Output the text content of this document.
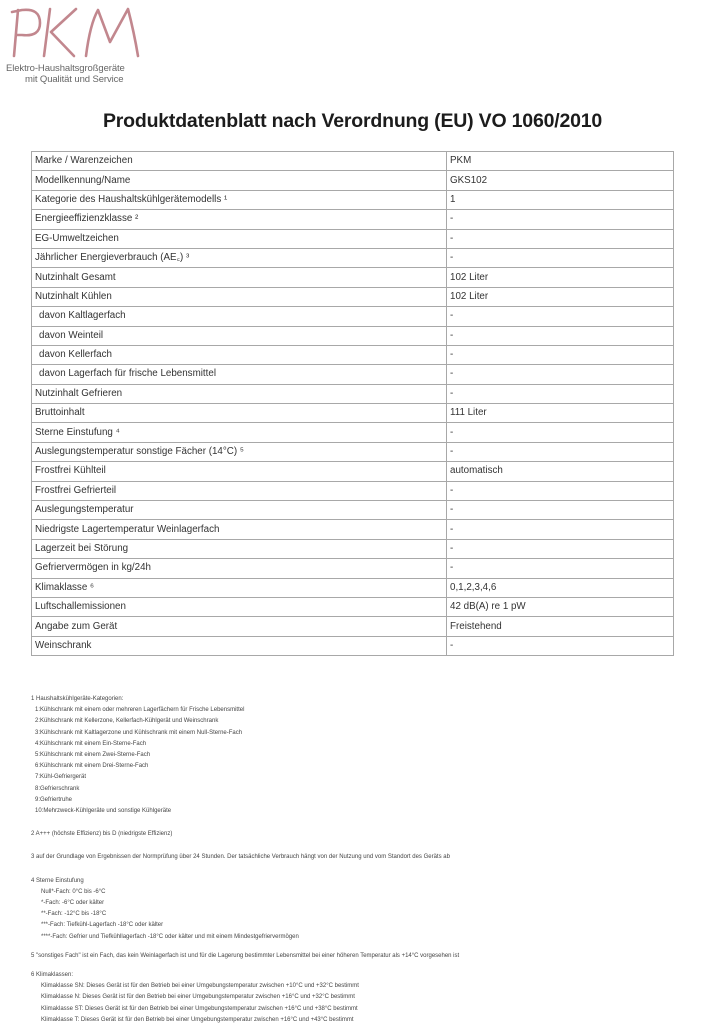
Elektro-Haushaltsgroßgeräte
mit Qualität und Service
Produktdatenblatt nach Verordnung (EU) VO 1060/2010
Marke / Warenzeichen	PKM
Modellkennung/Name	GKS102
Kategorie des Haushaltskühlgerätemodells ¹	1
Energieeffizienzklasse ²	-
EG-Umweltzeichen	-
Jährlicher Energieverbrauch (AE꜀) ³	-
Nutzinhalt Gesamt	102 Liter
Nutzinhalt Kühlen	102 Liter
davon Kaltlagerfach	-
davon Weinteil	-
davon Kellerfach	-
davon Lagerfach für frische Lebensmittel	-
Nutzinhalt Gefrieren	-
Bruttoinhalt	111 Liter
Sterne Einstufung ⁴	-
Auslegungstemperatur sonstige Fächer (14°C) ⁵	-
Frostfrei Kühlteil	automatisch
Frostfrei Gefrierteil	-
Auslegungstemperatur	-
Niedrigste Lagertemperatur Weinlagerfach	-
Lagerzeit bei Störung	-
Gefriervermögen in kg/24h	-
Klimaklasse ⁶	0,1,2,3,4,6
Luftschallemissionen	42 dB(A) re 1 pW
Angabe zum Gerät	Freistehend
Weinschrank	-
1 Haushaltskühlgeräte-Kategorien:
1:Kühlschrank mit einem oder mehreren Lagerfächern für Frische Lebensmittel
2:Kühlschrank mit Kellerzone, Kellerfach-Kühlgerät und Weinschrank
3:Kühlschrank mit Kaltlagerzone und Kühlschrank mit einem Null-Sterne-Fach
4:Kühlschrank mit einem Ein-Sterne-Fach
5:Kühlschrank mit einem Zwei-Sterne-Fach
6:Kühlschrank mit einem Drei-Sterne-Fach
7:Kühl-Gefriergerät
8:Gefrierschrank
9:Gefriertruhe
10:Mehrzweck-Kühlgeräte und sonstige Kühlgeräte
2 A+++ (höchste Effizienz) bis D (niedrigste Effizienz)
3 auf der Grundlage von Ergebnissen der Normprüfung über 24 Stunden. Der tatsächliche Verbrauch hängt von der Nutzung und vom Standort des Geräts ab
4 Sterne Einstufung
Null*-Fach: 0°C bis -6°C
*-Fach: -6°C oder kälter
**-Fach: -12°C bis -18°C
***-Fach: Tiefkühl-Lagerfach -18°C oder kälter
****-Fach: Gefrier und Tiefkühllagerfach -18°C oder kälter und mit einem Mindestgefriervermögen
5 "sonstiges Fach" ist ein Fach, das kein Weinlagerfach ist und für die Lagerung bestimmter Lebensmittel bei einer höheren Temperatur als +14°C vorgesehen ist
6 Klimaklassen:
Klimaklasse SN: Dieses Gerät ist für den Betrieb bei einer Umgebungstemperatur zwischen +10°C und +32°C bestimmt
Klimaklasse N: Dieses Gerät ist für den Betrieb bei einer Umgebungstemperatur zwischen +16°C und +32°C bestimmt
Klimaklasse ST: Dieses Gerät ist für den Betrieb bei einer Umgebungstemperatur zwischen +16°C und +38°C bestimmt
Klimaklasse T: Dieses Gerät ist für den Betrieb bei einer Umgebungstemperatur zwischen +16°C und +43°C bestimmt
